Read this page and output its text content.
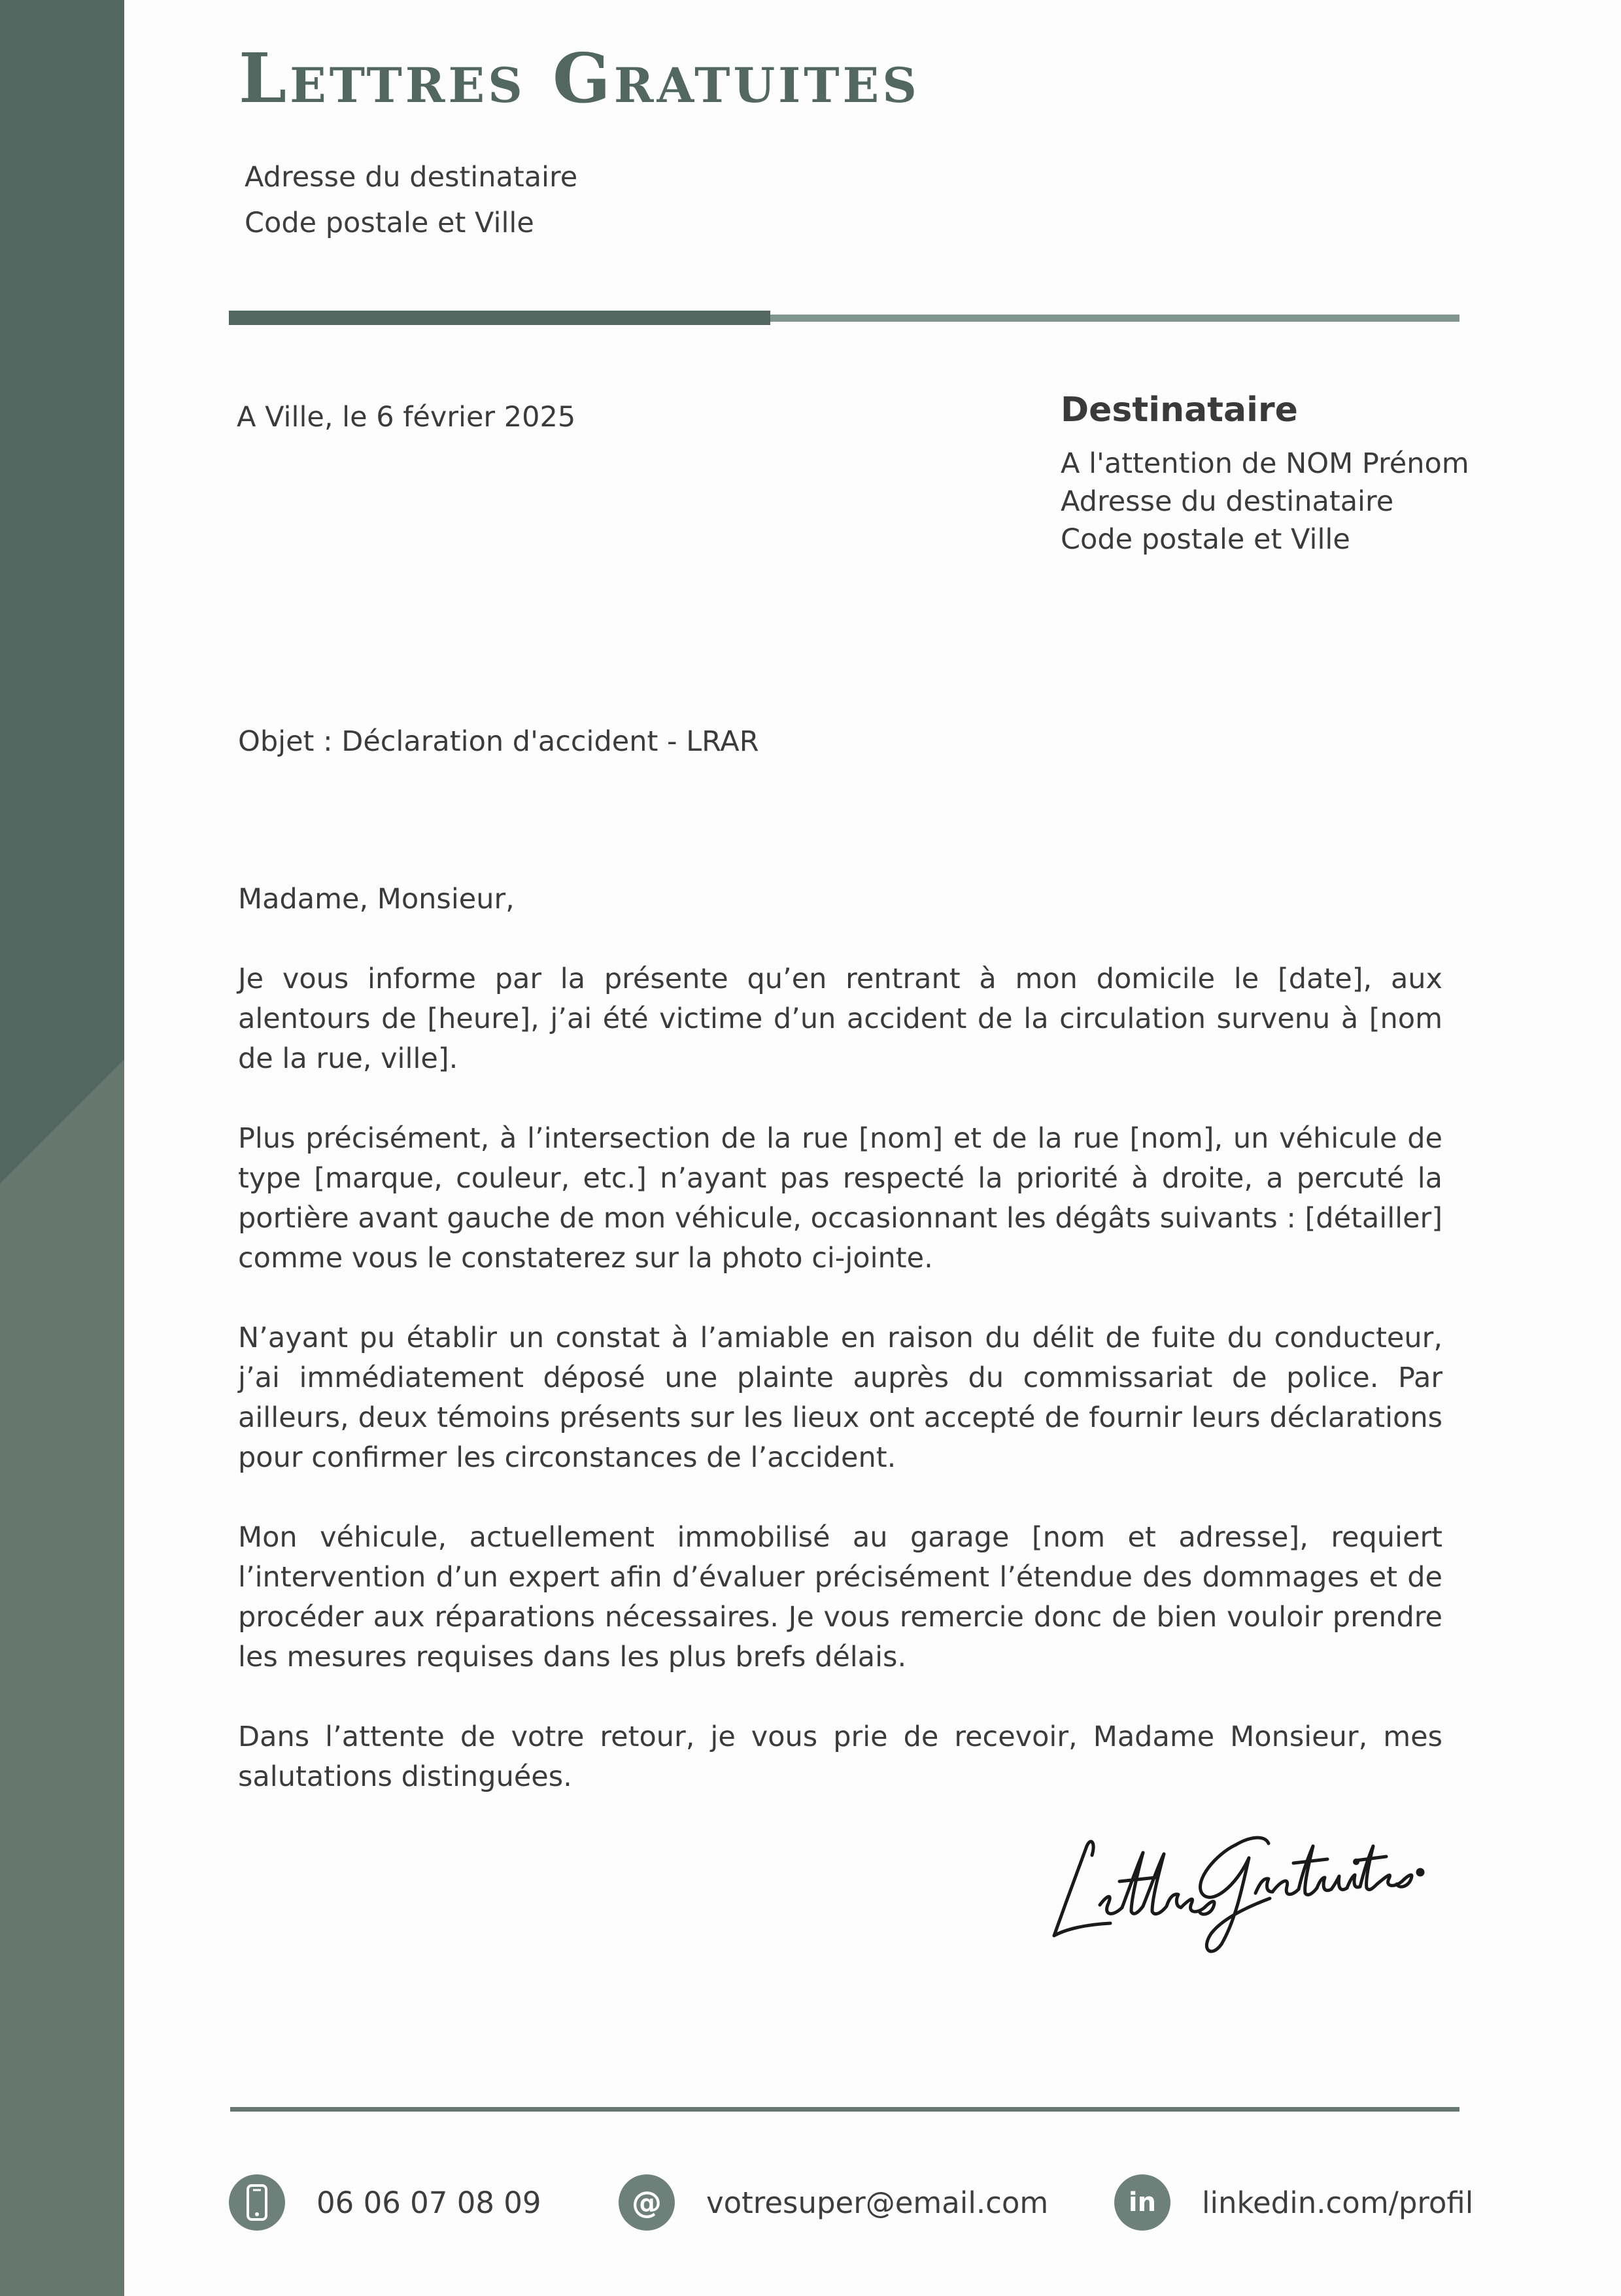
Lettres Gratuites
Adresse du destinataire
Code postale et Ville
A Ville, le 6 février 2025	Destinataire
A l'attention de NOM Prénom
Adresse du destinataire
Code postale et Ville
Objet : Déclaration d'accident - LRAR

Madame, Monsieur,

Je vous informe par la présente qu’en rentrant à mon domicile le [date], aux alentours de [heure], j’ai été victime d’un accident de la circulation survenu à [nom de la rue, ville].

Plus précisément, à l’intersection de la rue [nom] et de la rue [nom], un véhicule de type [marque, couleur, etc.] n’ayant pas respecté la priorité à droite, a percuté la portière avant gauche de mon véhicule, occasionnant les dégâts suivants : [détailler] comme vous le constaterez sur la photo ci-jointe.

N’ayant pu établir un constat à l’amiable en raison du délit de fuite du conducteur, j’ai immédiatement déposé une plainte auprès du commissariat de police. Par ailleurs, deux témoins présents sur les lieux ont accepté de fournir leurs déclarations pour confirmer les circonstances de l’accident.

Mon véhicule, actuellement immobilisé au garage [nom et adresse], requiert l’intervention d’un expert afin d’évaluer précisément l’étendue des dommages et de procéder aux réparations nécessaires. Je vous remercie donc de bien vouloir prendre les mesures requises dans les plus brefs délais.

Dans l’attente de votre retour, je vous prie de recevoir, Madame Monsieur, mes salutations distinguées.

06 06 07 08 09	@ votresuper@email.com	in linkedin.com/profil
